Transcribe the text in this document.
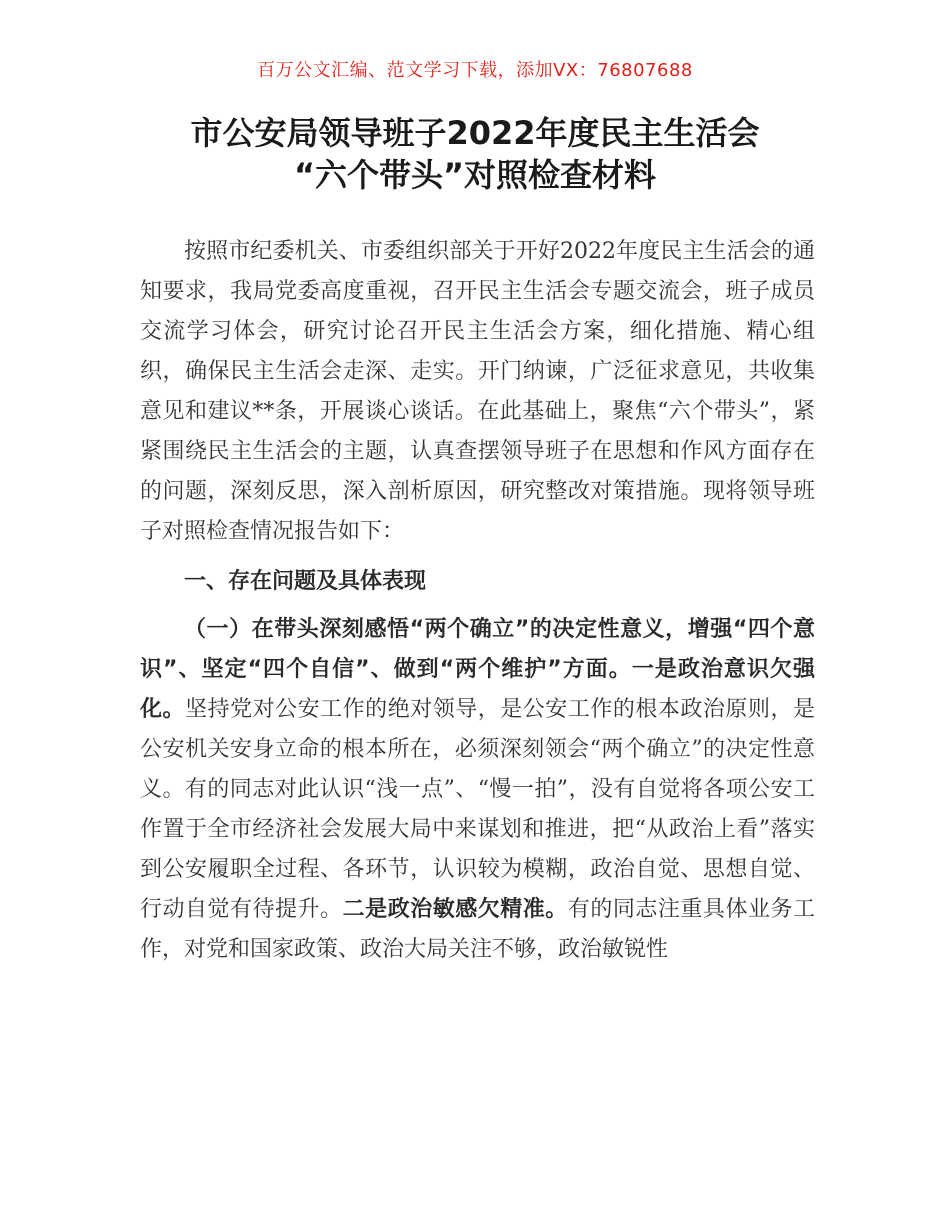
百万公文汇编、范文学习下载，添加VX：76807688
市公安局领导班子2022年度民主生活会
“六个带头”对照检查材料

按照市纪委机关、市委组织部关于开好2022年度民主生活会的通知要求，我局党委高度重视，召开民主生活会专题交流会，班子成员交流学习体会，研究讨论召开民主生活会方案，细化措施、精心组织，确保民主生活会走深、走实。开门纳谏，广泛征求意见，共收集意见和建议**条，开展谈心谈话。在此基础上，聚焦“六个带头”，紧紧围绕民主生活会的主题，认真查摆领导班子在思想和作风方面存在的问题，深刻反思，深入剖析原因，研究整改对策措施。现将领导班子对照检查情况报告如下：

一、存在问题及具体表现

（一）在带头深刻感悟“两个确立”的决定性意义，增强“四个意识”、坚定“四个自信”、做到“两个维护”方面。一是政治意识欠强化。坚持党对公安工作的绝对领导，是公安工作的根本政治原则，是公安机关安身立命的根本所在，必须深刻领会“两个确立”的决定性意义。有的同志对此认识“浅一点”、“慢一拍”，没有自觉将各项公安工作置于全市经济社会发展大局中来谋划和推进，把“从政治上看”落实到公安履职全过程、各环节，认识较为模糊，政治自觉、思想自觉、行动自觉有待提升。二是政治敏感欠精准。有的同志注重具体业务工作，对党和国家政策、政治大局关注不够，政治敏锐性
